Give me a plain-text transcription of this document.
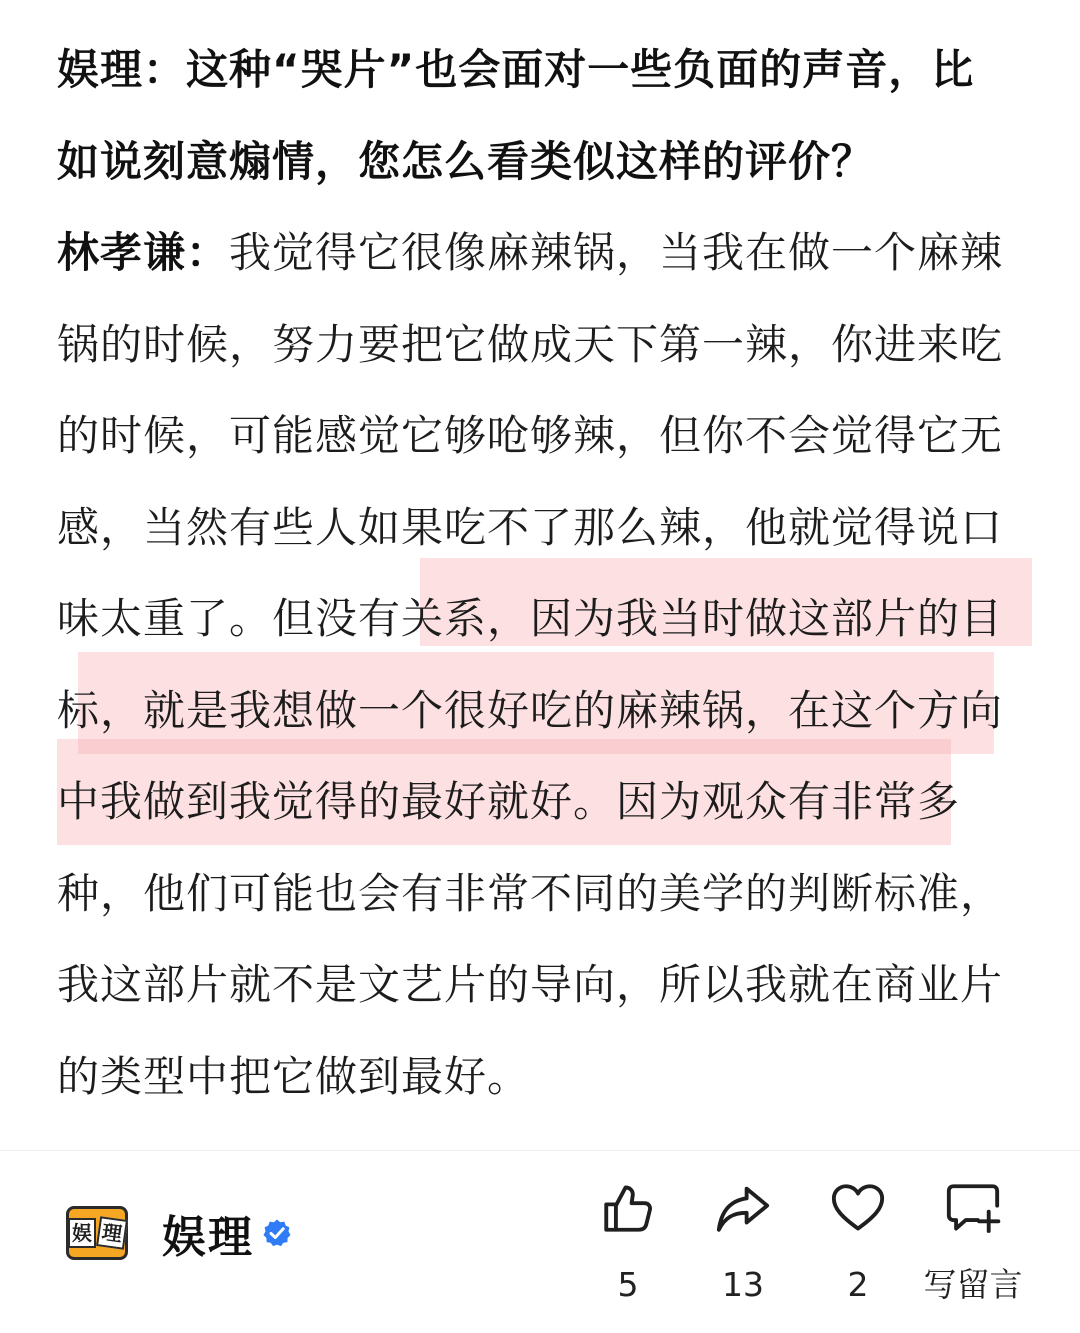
娱理：这种“哭片”也会面对一些负面的声音，比如说刻意煽情，您怎么看类似这样的评价？

林孝谦：我觉得它很像麻辣锅，当我在做一个麻辣锅的时候，努力要把它做成天下第一辣，你进来吃的时候，可能感觉它够呛够辣，但你不会觉得它无感，当然有些人如果吃不了那么辣，他就觉得说口味太重了。但没有关系，因为我当时做这部片的目标，就是我想做一个很好吃的麻辣锅，在这个方向中我做到我觉得的最好就好。因为观众有非常多种，他们可能也会有非常不同的美学的判断标准，我这部片就不是文艺片的导向，所以我就在商业片的类型中把它做到最好。

娱 理 娱理
5	13	2	写留言
